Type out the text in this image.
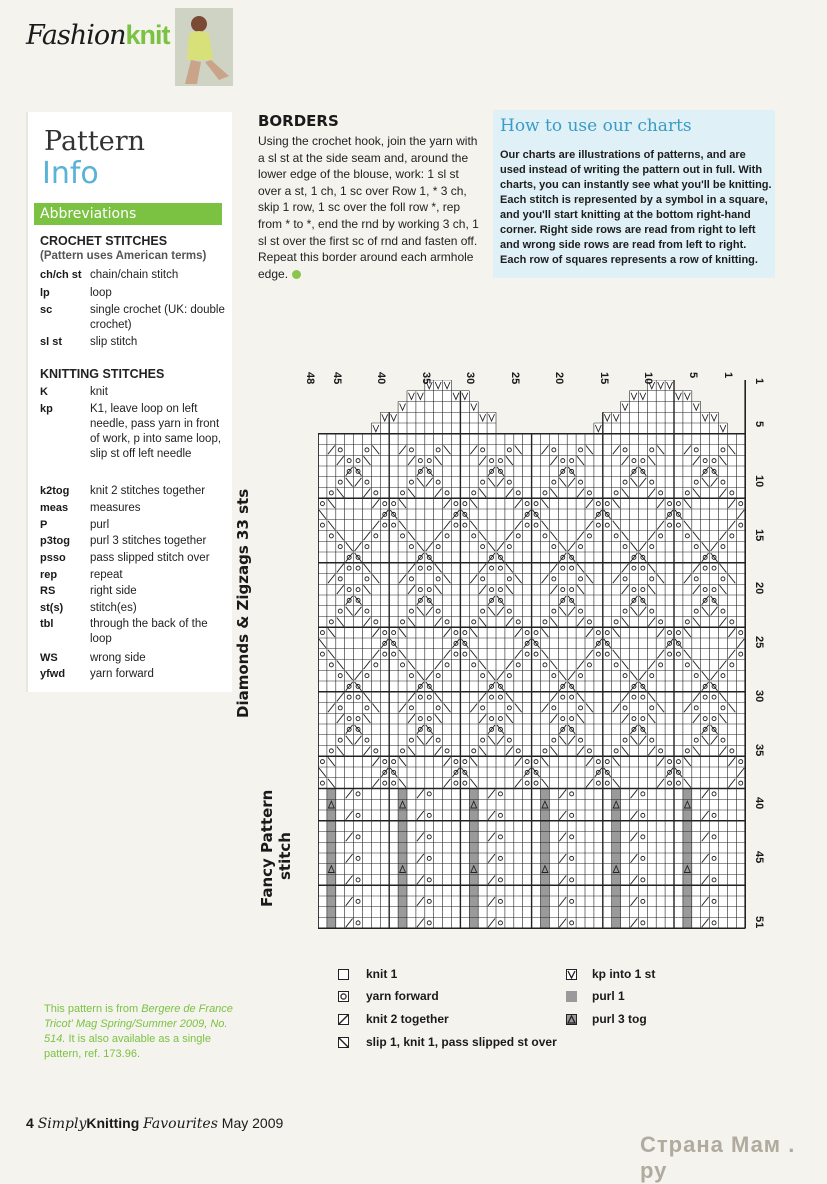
Fashionknit
Pattern
Info
Abbreviations
CROCHET STITCHES
(Pattern uses American terms)
ch/ch st chain/chain stitch
lp	loop
sc	single crochet (UK: double crochet)
sl st slip stitch
KNITTING STITCHES
K	knit
kp	K1, leave loop on left needle, pass yarn in front of work, p into same loop, slip st off left needle
k2tog knit 2 stitches together
meas measures
P	purl
p3tog purl 3 stitches together
psso pass slipped stitch over
rep	repeat
RS	right side
st(s) stitch(es)
tbl	through the back of the loop
WS	wrong side
yfwd yarn forward
This pattern is from Bergere de France Tricot' Mag Spring/Summer 2009, No. 514. It is also available as a single pattern, ref. 173.96.
BORDERS
Using the crochet hook, join the yarn with a sl st at the side seam and, around the lower edge of the blouse, work: 1 sl st over a st, 1 ch, 1 sc over Row 1, * 3 ch, skip 1 row, 1 sc over the foll row *, rep from * to *, end the rnd by working 3 ch, 1 sl st over the first sc of rnd and fasten off. Repeat this border around each armhole edge.
How to use our charts
Our charts are illustrations of patterns, and are used instead of writing the pattern out in full. With charts, you can instantly see what you'll be knitting. Each stitch is represented by a symbol in a square, and you'll start knitting at the bottom right-hand corner. Right side rows are read from right to left and wrong side rows are read from left to right. Each row of squares represents a row of knitting.
48 45	40	35	30	25	20	15	10	5 1
1
5
10
15
20
25
30
35
40
45
51
Diamonds & Zigzags 33 sts
Fancy Pattern stitch
knit 1
yarn forward
knit 2 together
slip 1, knit 1, pass slipped st over
kp into 1 st
purl 1
purl 3 tog
4 SimplyKnitting Favourites May 2009
Страна Мам . ру
